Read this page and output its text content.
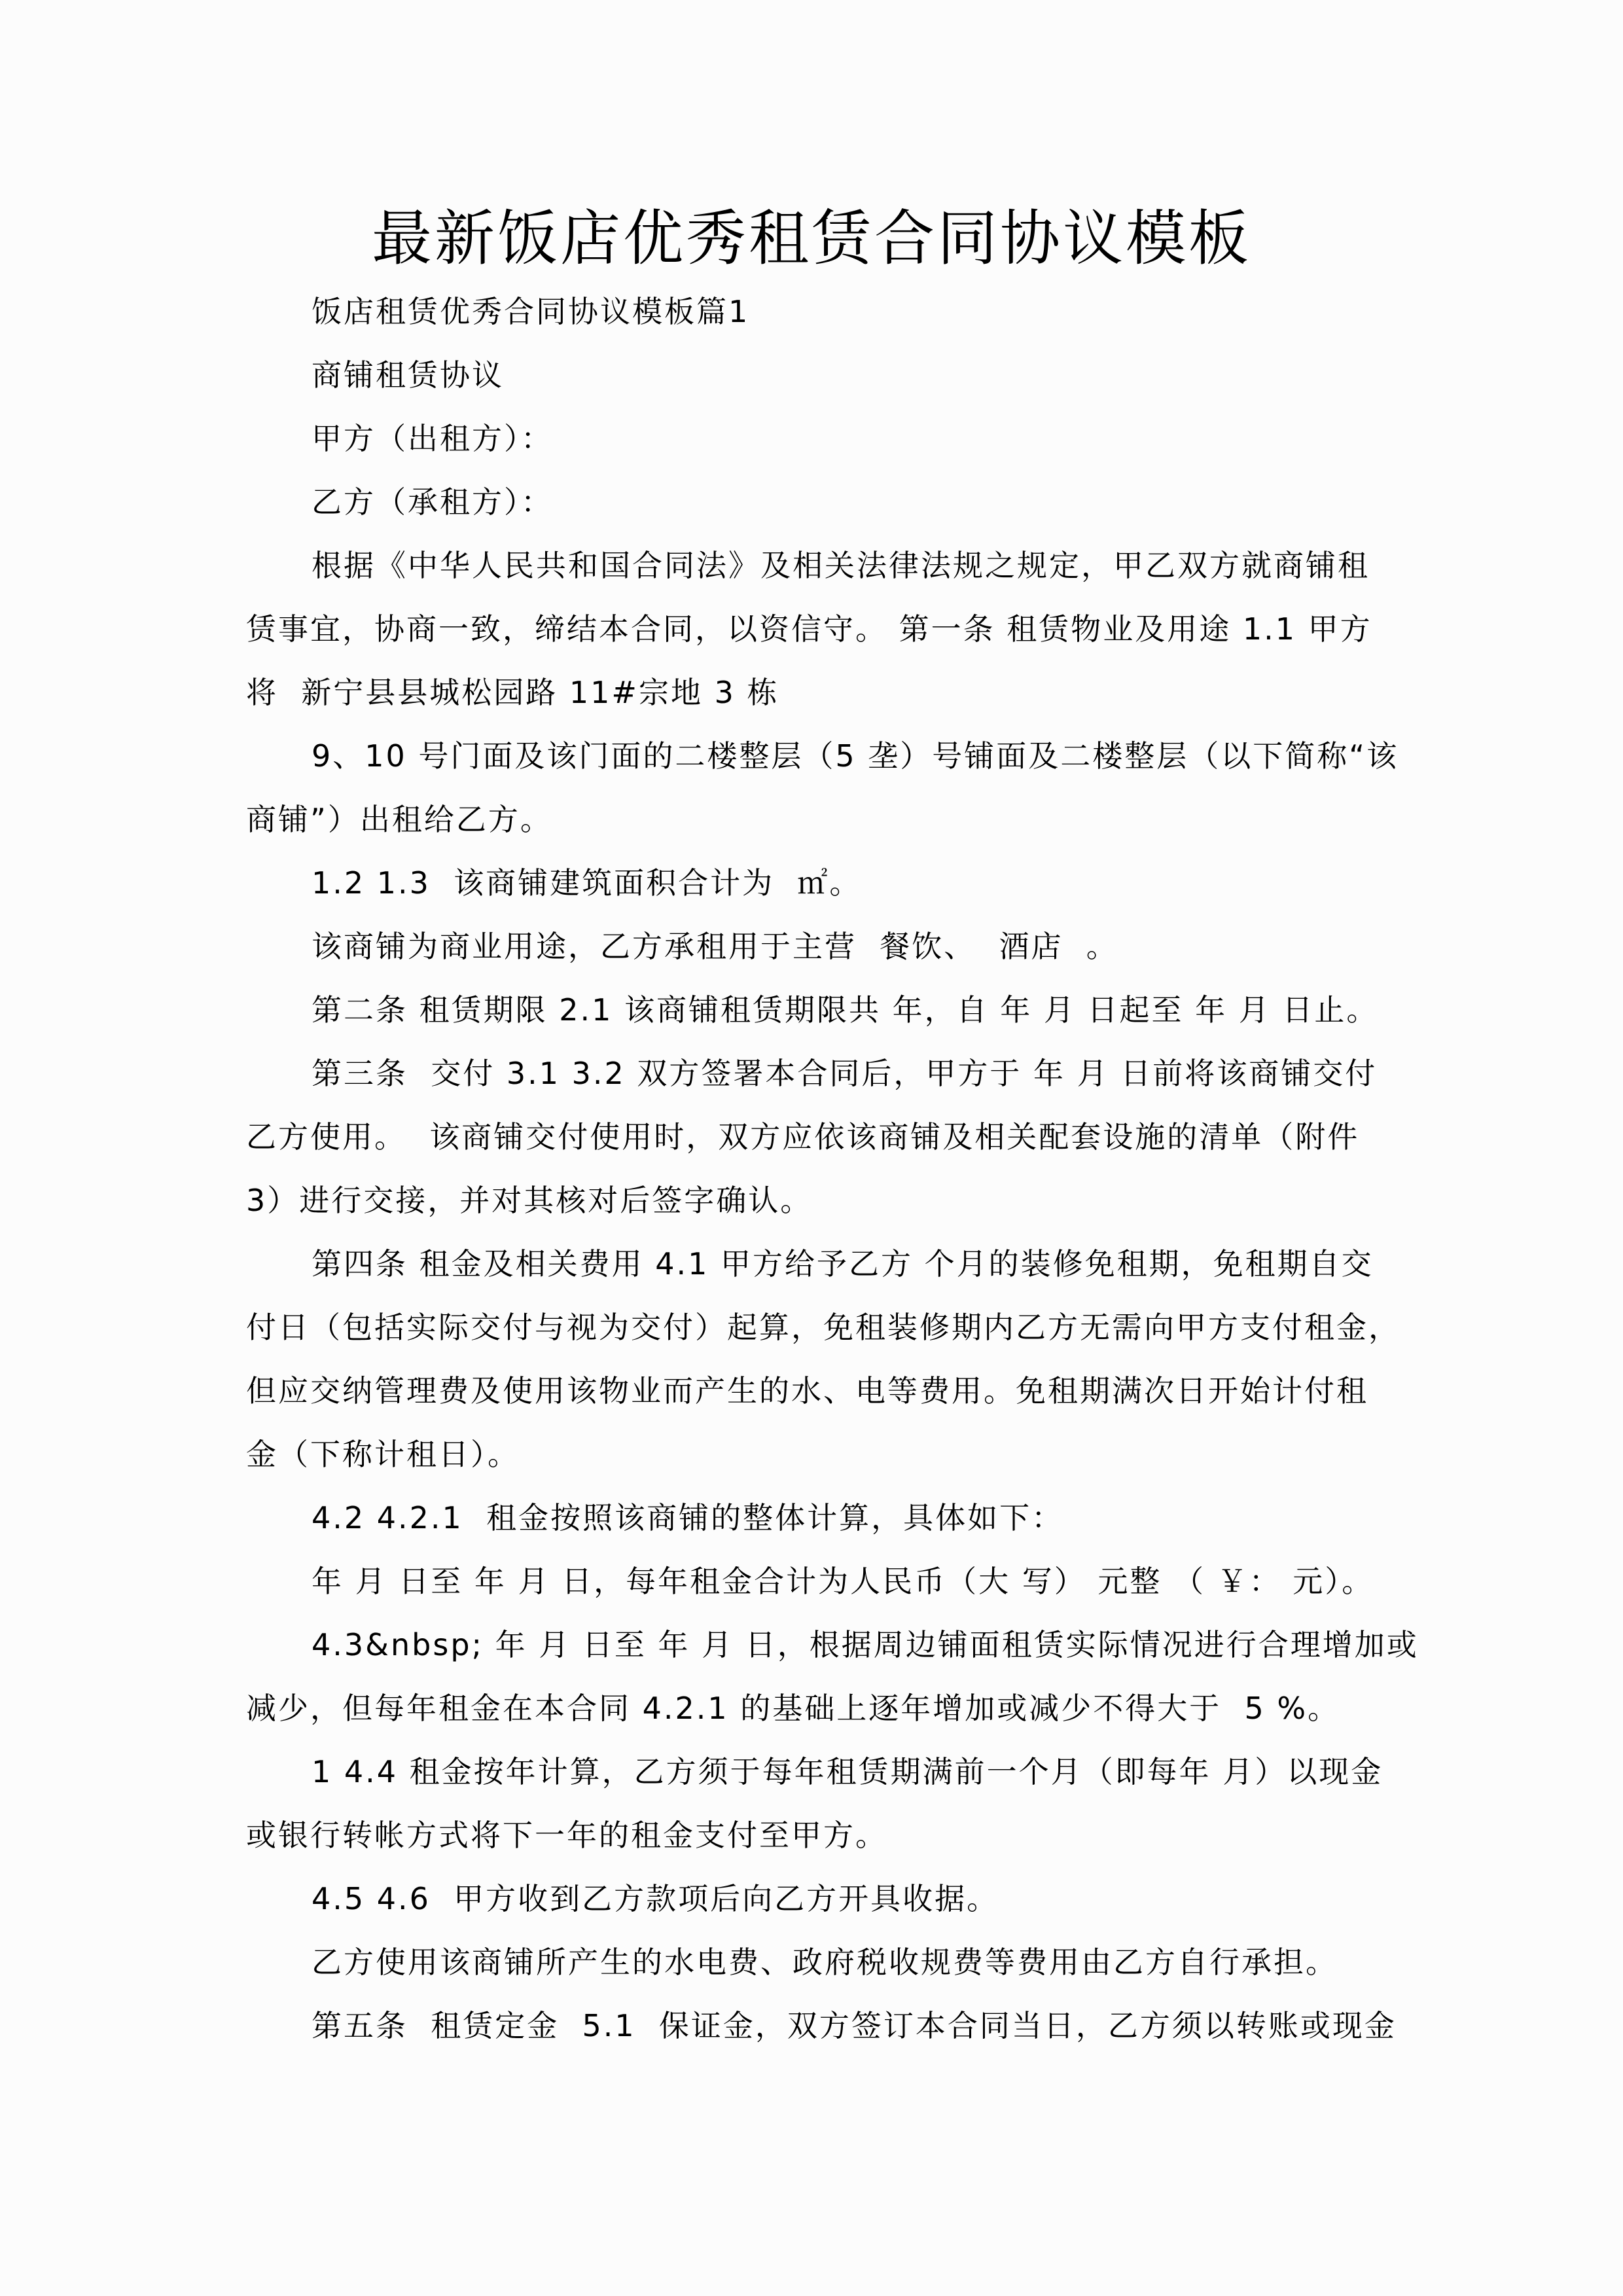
最新饭店优秀租赁合同协议模板
饭店租赁优秀合同协议模板篇1
商铺租赁协议
甲方（出租方）：
乙方（承租方）：
根据《中华人民共和国合同法》及相关法律法规之规定，甲乙双方就商铺租
赁事宜，协商一致，缔结本合同，以资信守。 第一条 租赁物业及用途 1.1 甲方
将  新宁县县城松园路 11#宗地 3 栋
9、10 号门面及该门面的二楼整层（5 垄）号铺面及二楼整层（以下简称“该
商铺”）出租给乙方。
1.2 1.3  该商铺建筑面积合计为  ㎡。
该商铺为商业用途，乙方承租用于主营  餐饮、  酒店  。
第二条 租赁期限 2.1 该商铺租赁期限共 年，自 年 月 日起至 年 月 日止。
第三条  交付 3.1 3.2 双方签署本合同后，甲方于 年 月 日前将该商铺交付
乙方使用。  该商铺交付使用时，双方应依该商铺及相关配套设施的清单（附件
3）进行交接，并对其核对后签字确认。
第四条 租金及相关费用 4.1 甲方给予乙方 个月的装修免租期，免租期自交
付日（包括实际交付与视为交付）起算，免租装修期内乙方无需向甲方支付租金，
但应交纳管理费及使用该物业而产生的水、电等费用。免租期满次日开始计付租
金（下称计租日）。
4.2 4.2.1  租金按照该商铺的整体计算，具体如下：
年 月 日至 年 月 日，每年租金合计为人民币（大 写） 元整 （ ￥： 元）。
4.3&nbsp; 年 月 日至 年 月 日，根据周边铺面租赁实际情况进行合理增加或
减少，但每年租金在本合同 4.2.1 的基础上逐年增加或减少不得大于  5 %。
1 4.4 租金按年计算，乙方须于每年租赁期满前一个月（即每年 月）以现金
或银行转帐方式将下一年的租金支付至甲方。
4.5 4.6  甲方收到乙方款项后向乙方开具收据。
乙方使用该商铺所产生的水电费、政府税收规费等费用由乙方自行承担。
第五条  租赁定金  5.1  保证金，双方签订本合同当日，乙方须以转账或现金
